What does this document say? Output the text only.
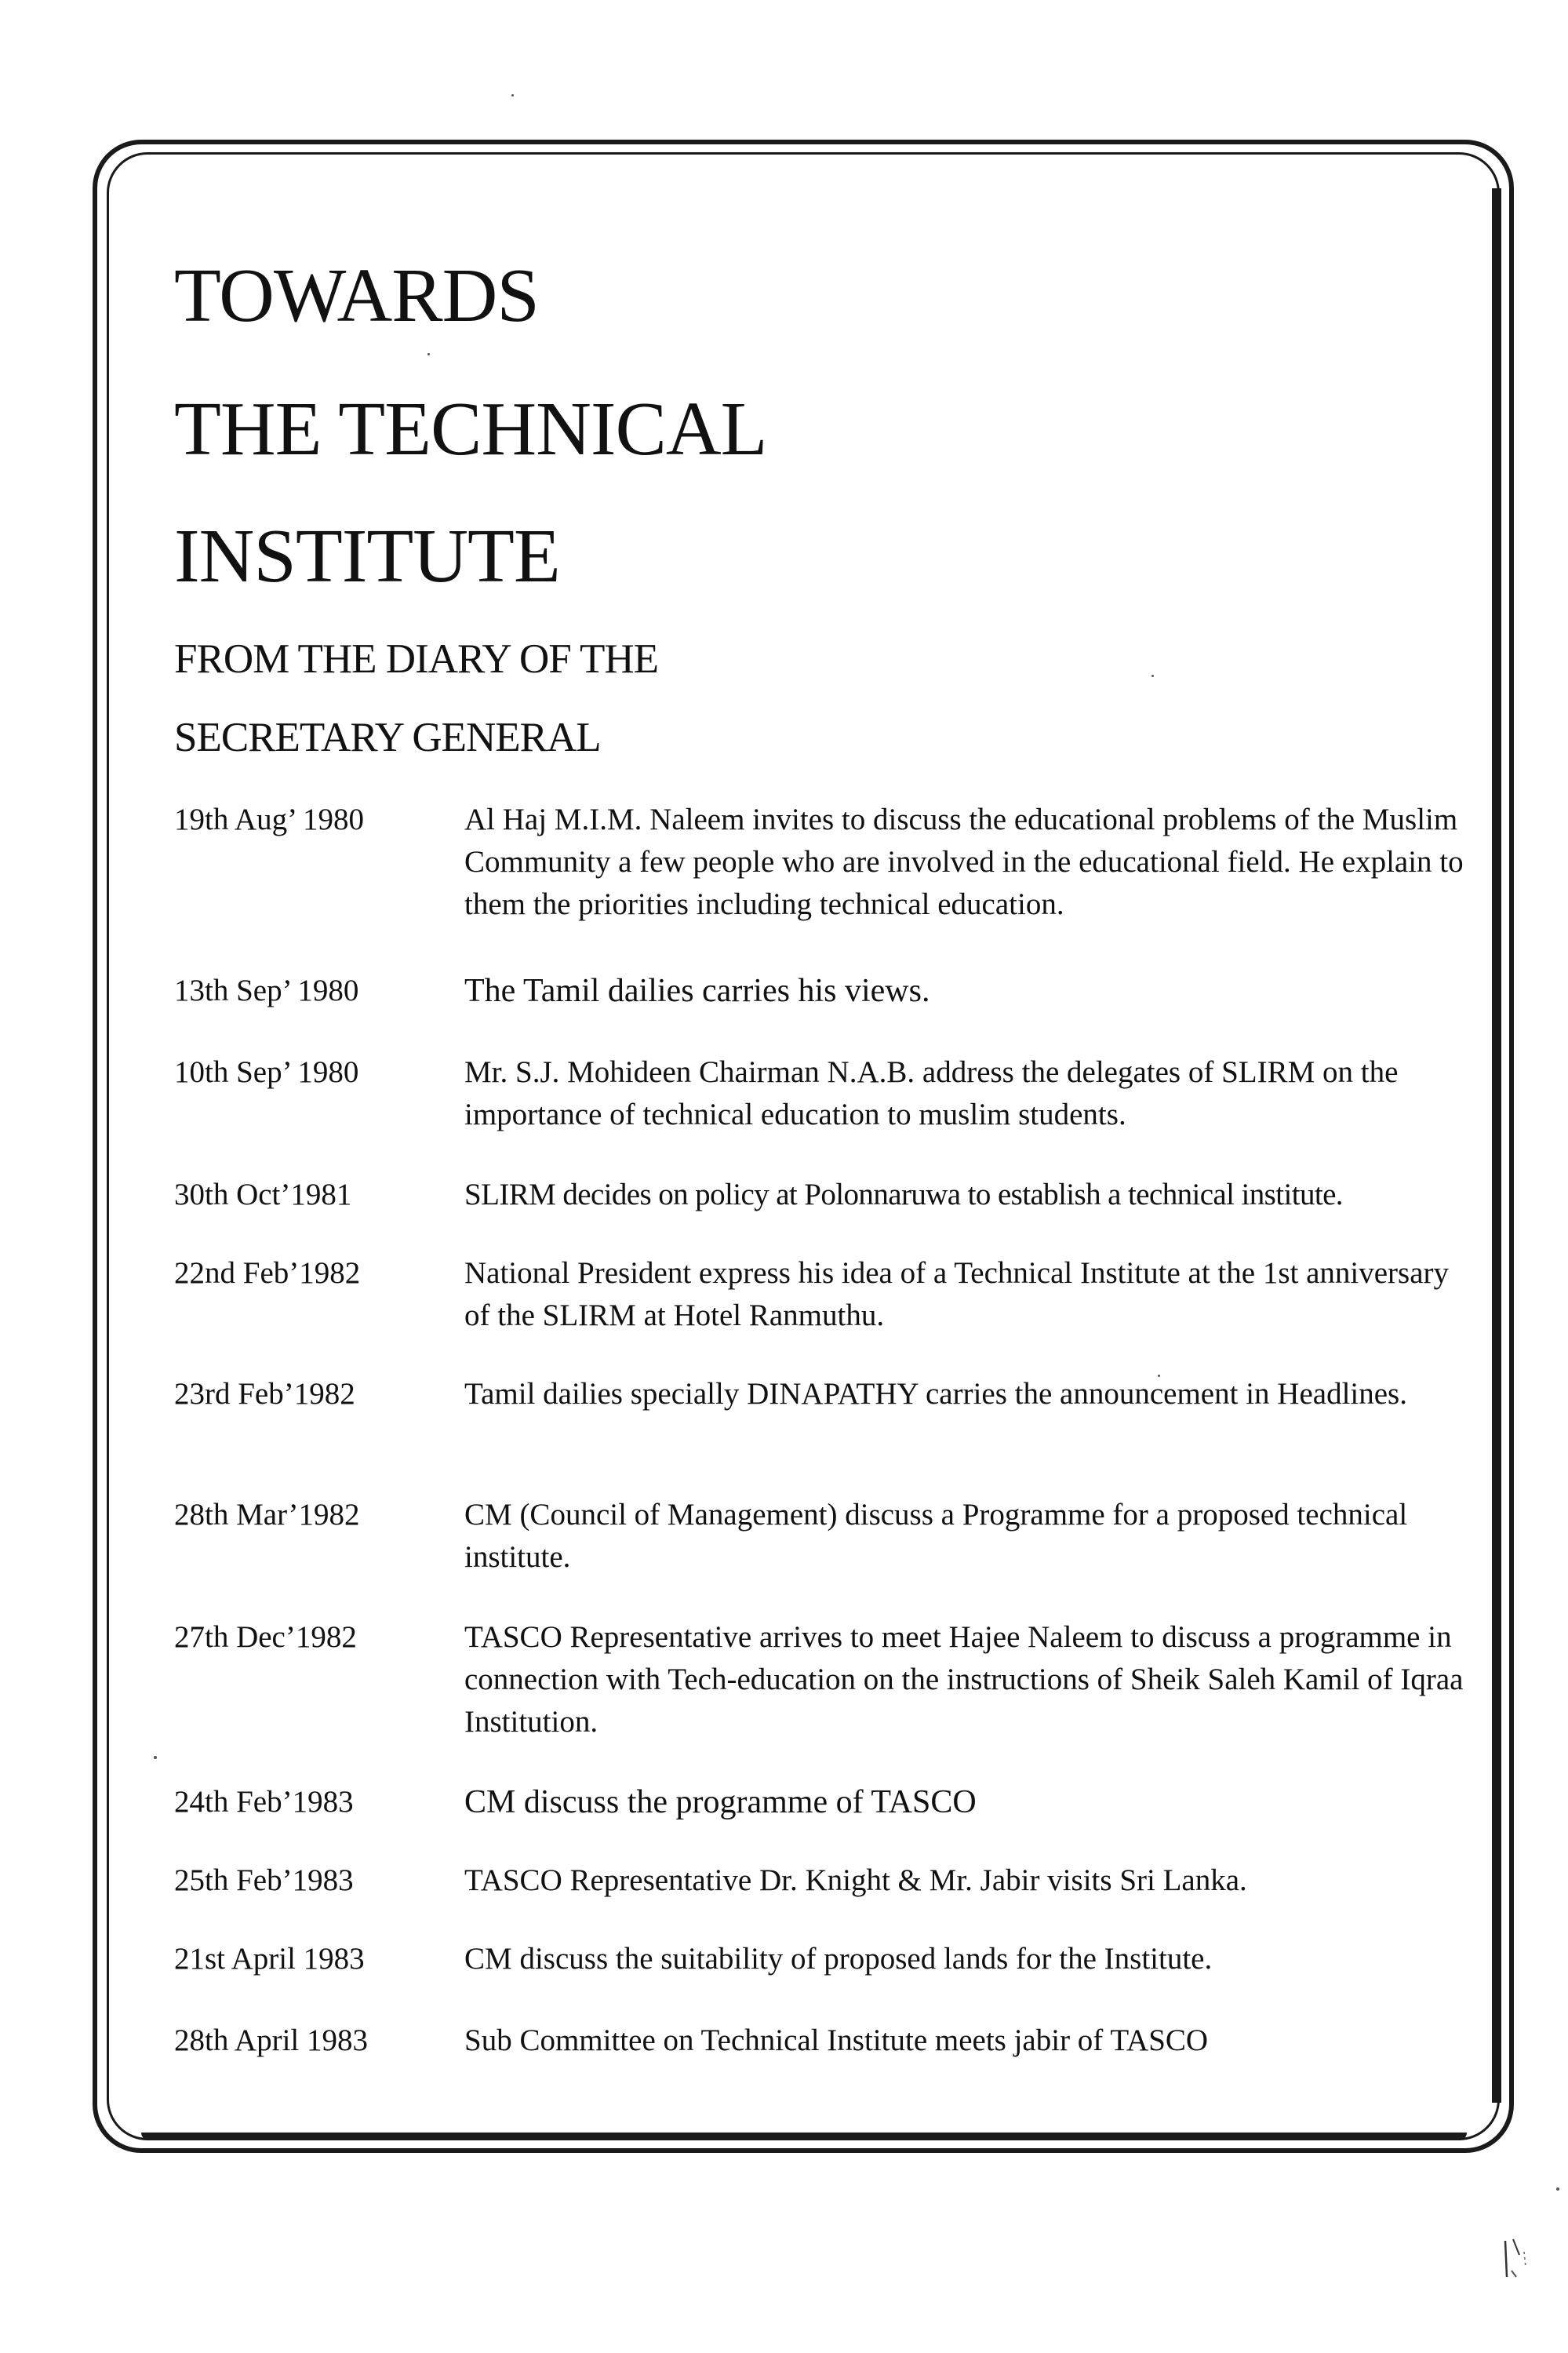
TOWARDS
THE TECHNICAL
INSTITUTE
FROM THE DIARY OF THE
SECRETARY GENERAL
19th Aug’ 1980	Al Haj M.I.M. Naleem invites to discuss the educational problems of the Muslim Community a few people who are involved in the educational field. He explain to them the priorities including technical education.
13th Sep’ 1980	The Tamil dailies carries his views.
10th Sep’ 1980	Mr. S.J. Mohideen Chairman N.A.B. address the delegates of SLIRM on the importance of technical education to muslim students.
30th Oct’1981	SLIRM decides on policy at Polonnaruwa to establish a technical institute.
22nd Feb’1982	National President express his idea of a Technical Institute at the 1st anniversary of the SLIRM at Hotel Ranmuthu.
23rd Feb’1982	Tamil dailies specially DINAPATHY carries the announcement in Headlines.
28th Mar’1982	CM (Council of Management) discuss a Programme for a proposed technical institute.
27th Dec’1982	TASCO Representative arrives to meet Hajee Naleem to discuss a programme in connection with Tech-education on the instructions of Sheik Saleh Kamil of Iqraa Institution.
24th Feb’1983	CM discuss the programme of TASCO
25th Feb’1983	TASCO Representative Dr. Knight & Mr. Jabir visits Sri Lanka.
21st April 1983	CM discuss the suitability of proposed lands for the Institute.
28th April 1983	Sub Committee on Technical Institute meets jabir of TASCO
